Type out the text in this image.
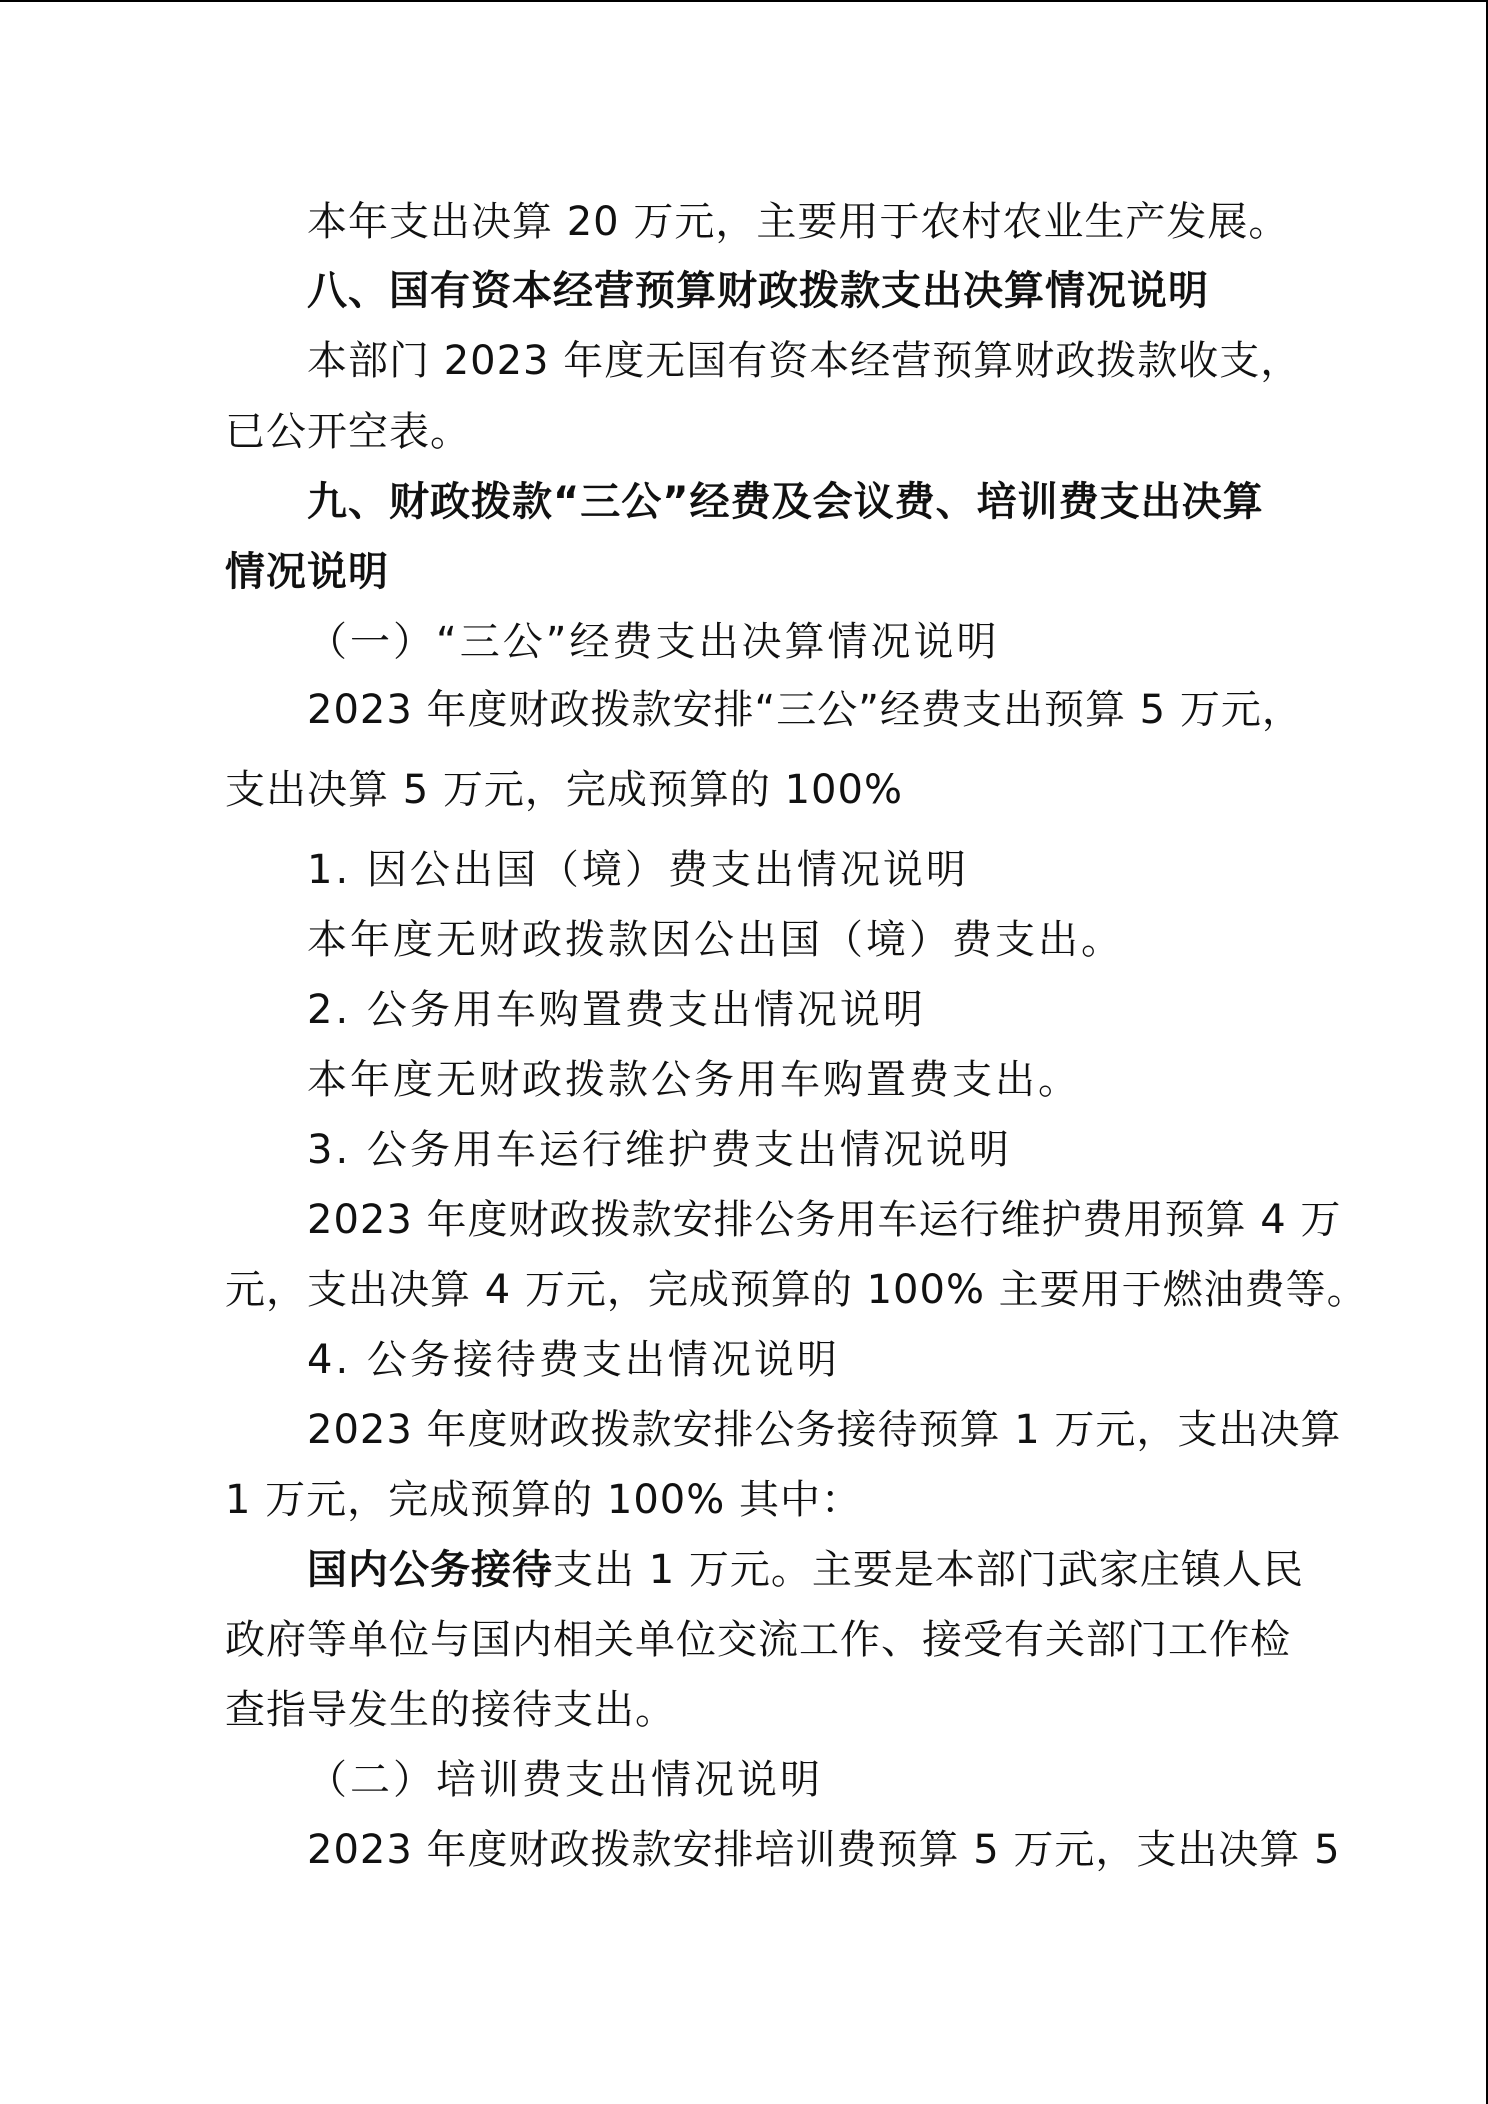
本年支出决算 20 万元，主要用于农村农业生产发展。
八、国有资本经营预算财政拨款支出决算情况说明
本部门 2023 年度无国有资本经营预算财政拨款收支，
已公开空表。
九、财政拨款“三公”经费及会议费、培训费支出决算
情况说明
（一）“三公”经费支出决算情况说明
2023 年度财政拨款安排“三公”经费支出预算 5 万元，
支出决算 5 万元，完成预算的 100%
1. 因公出国（境）费支出情况说明
本年度无财政拨款因公出国（境）费支出。
2. 公务用车购置费支出情况说明
本年度无财政拨款公务用车购置费支出。
3. 公务用车运行维护费支出情况说明
2023 年度财政拨款安排公务用车运行维护费用预算 4 万
元，支出决算 4 万元，完成预算的 100% 主要用于燃油费等。
4. 公务接待费支出情况说明
2023 年度财政拨款安排公务接待预算 1 万元，支出决算
1 万元，完成预算的 100% 其中：
国内公务接待支出 1 万元。主要是本部门武家庄镇人民
政府等单位与国内相关单位交流工作、接受有关部门工作检
查指导发生的接待支出。
（二）培训费支出情况说明
2023 年度财政拨款安排培训费预算 5 万元，支出决算 5
